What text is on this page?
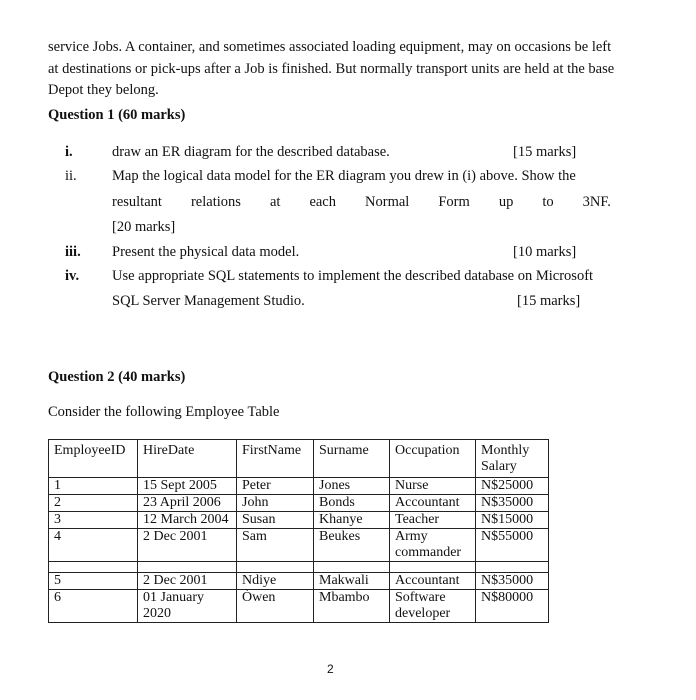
service Jobs. A container, and sometimes associated loading equipment, may on occasions be left
at destinations or pick-ups after a Job is finished. But normally transport units are held at the base
Depot they belong.
Question 1 (60 marks)
i.	draw an ER diagram for the described database.	[15 marks]
ii. Map the logical data model for the ER diagram you drew in (i) above. Show the
resultant relations at each Normal Form up to 3NF.
[20 marks]
iii. Present the physical data model.	[10 marks]
iv. Use appropriate SQL statements to implement the described database on Microsoft
SQL Server Management Studio.	[15 marks]
Question 2 (40 marks)
Consider the following Employee Table
EmployeeID	HireDate	FirstName	Surname	Occupation	Monthly Salary
1	15 Sept 2005	Peter	Jones	Nurse	N$25000
2	23 April 2006	John	Bonds	Accountant	N$35000
3	12 March 2004	Susan	Khanye	Teacher	N$15000
4	2 Dec 2001	Sam	Beukes	Army commander	N$55000

5	2 Dec 2001	Ndiye	Makwali	Accountant	N$35000
6	01 January 2020	Òwen	Mbambo	Software developer	N$80000
2
